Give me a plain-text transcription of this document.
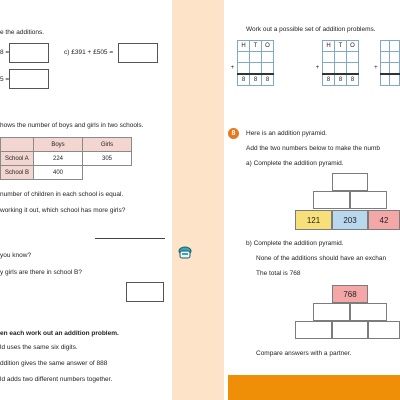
e the additions.
8 =	c) £391 + £505 =
5 =
hows the number of boys and girls in two schools.
	Boys	Girls
School A	224	305
School B	400	
number of children in each school is equal.
working it out, which school has more girls?
you know?
y girls are there in school B?
en each work out an addition problem.
ld uses the same six digits.
ddition gives the same answer of 888
ld adds two different numbers together.
Work out a possible set of addition problems.
	H	T	O

+			
	8	8	8
	H	T	O

+			
	8	8	8

+		

8	Here is an addition pyramid.
Add the two numbers below to make the numb
a) Complete the addition pyramid.
121	203	42
b) Complete the addition pyramid.
None of the additions should have an exchan
The total is 768
768
Compare answers with a partner.
